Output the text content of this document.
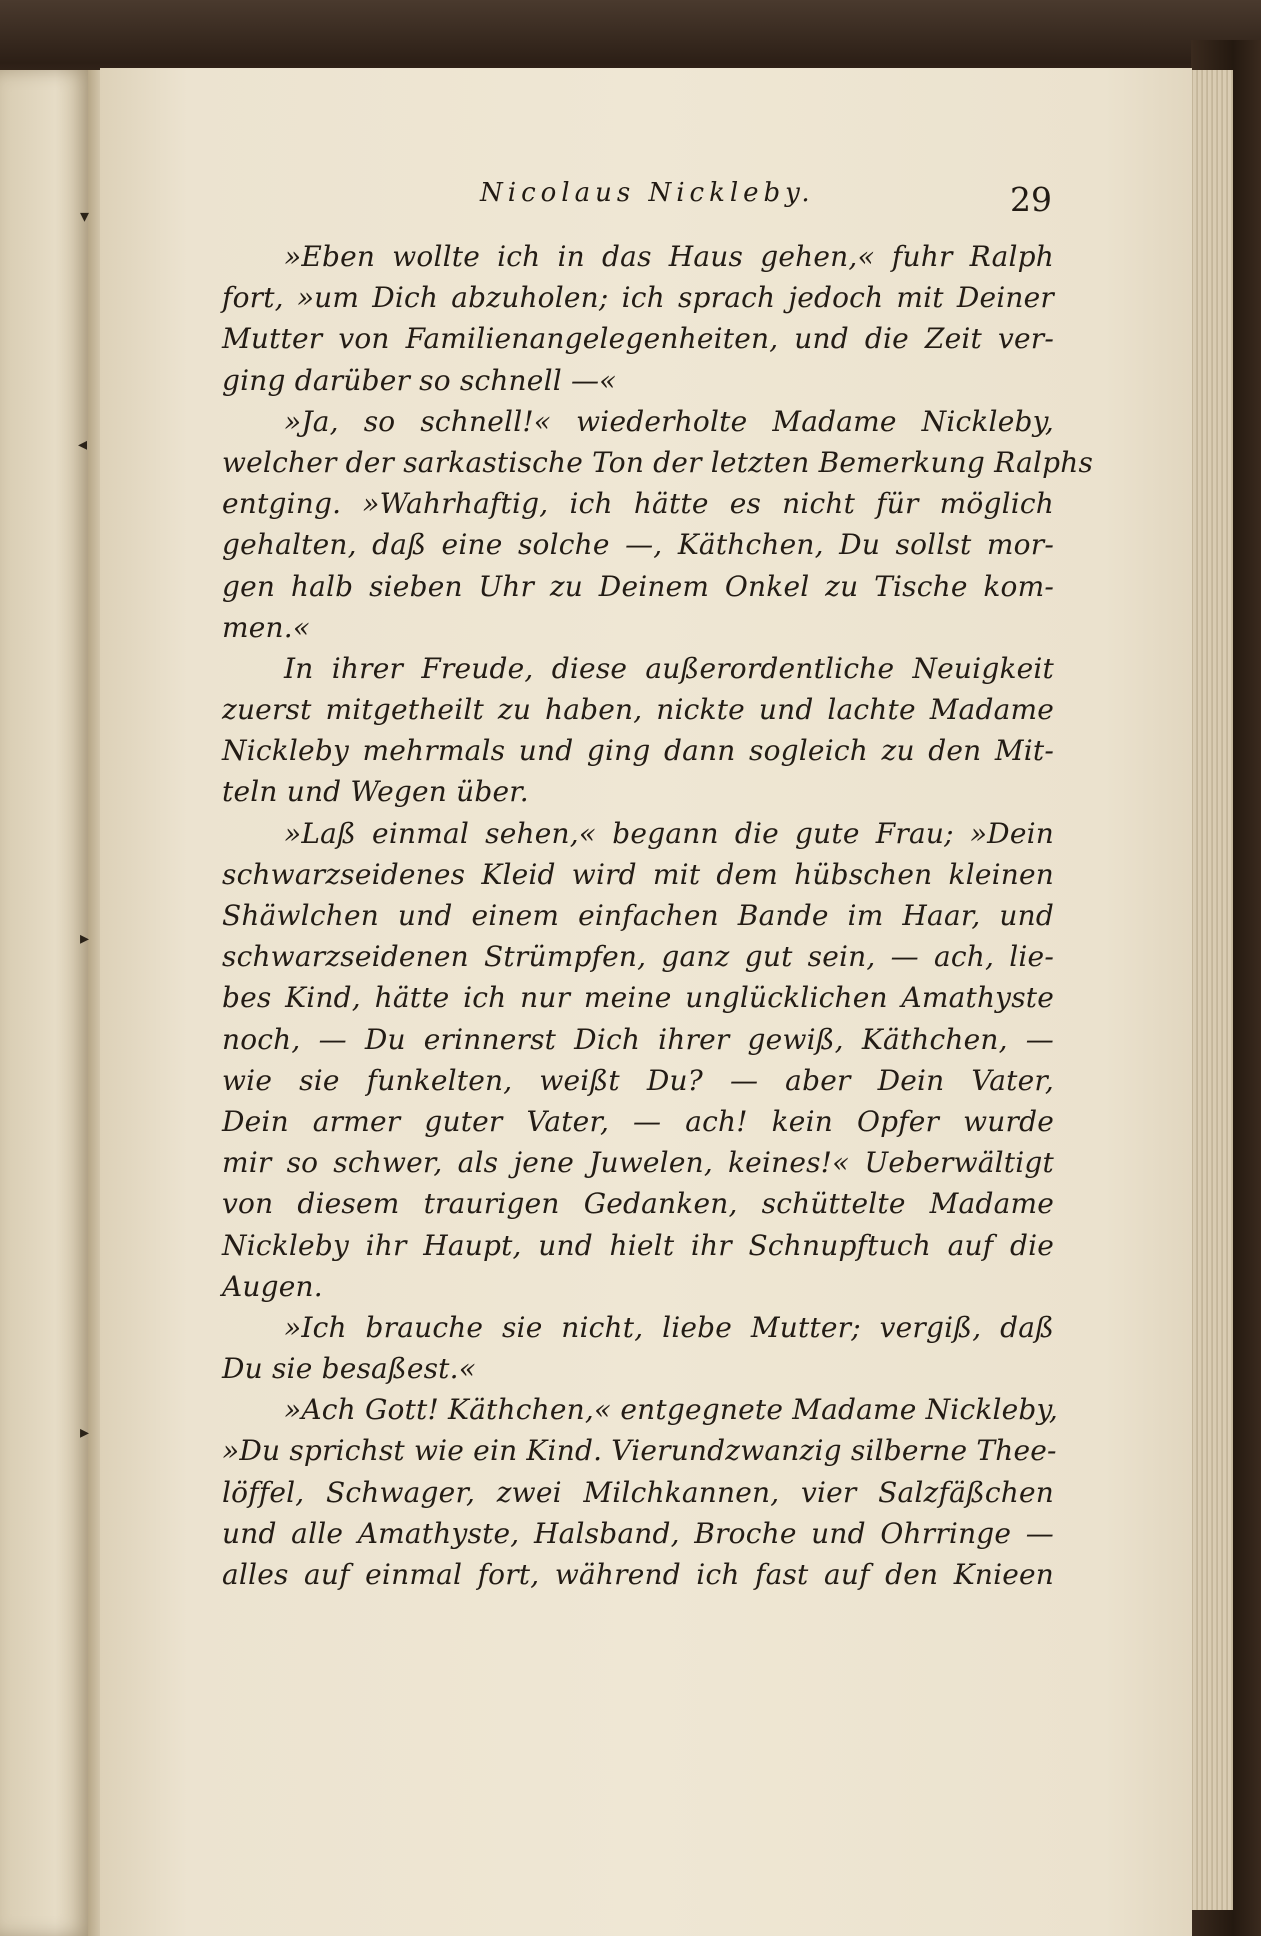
▾
◂
▸
▸
Nicolaus Nickleby.	29
»Eben wollte ich in das Haus gehen,« fuhr Ralph
fort, »um Dich abzuholen; ich sprach jedoch mit Deiner
Mutter von Familienangelegenheiten, und die Zeit ver-
ging darüber so schnell —«
»Ja, so schnell!« wiederholte Madame Nickleby,
welcher der sarkastische Ton der letzten Bemerkung Ralphs
entging. »Wahrhaftig, ich hätte es nicht für möglich
gehalten, daß eine solche —, Käthchen, Du sollst mor-
gen halb sieben Uhr zu Deinem Onkel zu Tische kom-
men.«
In ihrer Freude, diese außerordentliche Neuigkeit
zuerst mitgetheilt zu haben, nickte und lachte Madame
Nickleby mehrmals und ging dann sogleich zu den Mit-
teln und Wegen über.
»Laß einmal sehen,« begann die gute Frau; »Dein
schwarzseidenes Kleid wird mit dem hübschen kleinen
Shäwlchen und einem einfachen Bande im Haar, und
schwarzseidenen Strümpfen, ganz gut sein, — ach, lie-
bes Kind, hätte ich nur meine unglücklichen Amathyste
noch, — Du erinnerst Dich ihrer gewiß, Käthchen, —
wie sie funkelten, weißt Du? — aber Dein Vater,
Dein armer guter Vater, — ach! kein Opfer wurde
mir so schwer, als jene Juwelen, keines!« Ueberwältigt
von diesem traurigen Gedanken, schüttelte Madame
Nickleby ihr Haupt, und hielt ihr Schnupftuch auf die
Augen.
»Ich brauche sie nicht, liebe Mutter; vergiß, daß
Du sie besaßest.«
»Ach Gott! Käthchen,« entgegnete Madame Nickleby,
»Du sprichst wie ein Kind. Vierundzwanzig silberne Thee-
löffel, Schwager, zwei Milchkannen, vier Salzfäßchen
und alle Amathyste, Halsband, Broche und Ohrringe —
alles auf einmal fort, während ich fast auf den Knieen
